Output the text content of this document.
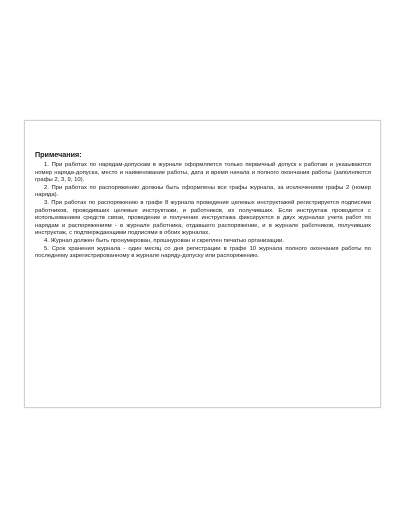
Примечания:

1. При работах по нарядам-допускам в журнале оформляется только первичный допуск к работам и указываются номер наряда-допуска, место и наименование работы, дата и время начала и полного окончания работы (заполняются графы 2, 3, 9, 10).

2. При работах по распоряжению должны быть оформлены все графы журнала, за исключением графы 2 (номер наряда).

3. При работах по распоряжению в графе 8 журнала проведение целевых инструктажей регистрируется подписями работников, проводивших целевые инструктажи, и работников, их получивших. Если инструктаж проводится с использованием средств связи, проведение и получение инструктажа фиксируется в двух журналах учета работ по нарядам и распоряжениям - в журнале работника, отдавшего распоряжение, и в журнале работников, получивших инструктаж, с подтверждающими подписями в обоих журналах.

4. Журнал должен быть пронумерован, прошнурован и скреплен печатью организации.

5. Срок хранения журнала - один месяц со дня регистрации в графе 10 журнала полного окончания работы по последнему зарегистрированному в журнале наряду-допуску или распоряжению.
